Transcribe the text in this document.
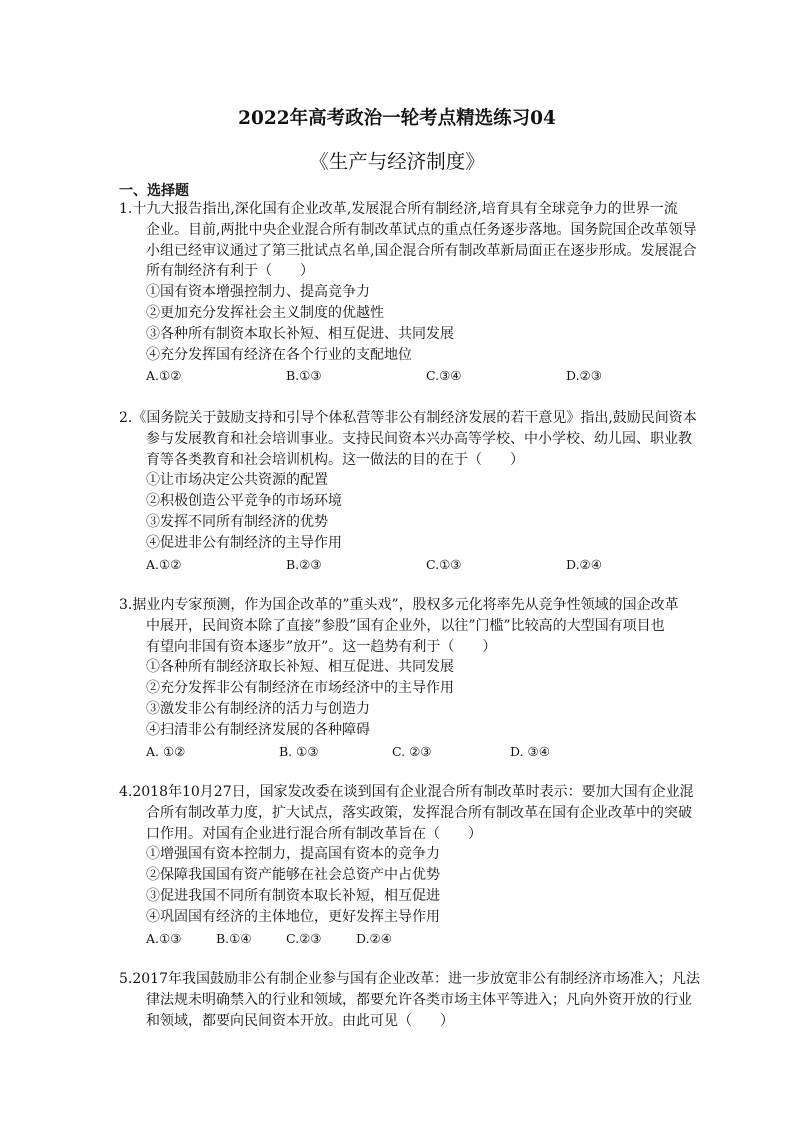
2022年高考政治一轮考点精选练习04
《生产与经济制度》
一、选择题
1.十九大报告指出,深化国有企业改革,发展混合所有制经济,培育具有全球竞争力的世界一流
企业。目前,两批中央企业混合所有制改革试点的重点任务逐步落地。国务院国企改革领导
小组已经审议通过了第三批试点名单,国企混合所有制改革新局面正在逐步形成。发展混合
所有制经济有利于（　　）
①国有资本增强控制力、提高竞争力
②更加充分发挥社会主义制度的优越性
③各种所有制资本取长补短、相互促进、共同发展
④充分发挥国有经济在各个行业的支配地位
A.①②	B.①③	C.③④	D.②③
2.《国务院关于鼓励支持和引导个体私营等非公有制经济发展的若干意见》指出,鼓励民间资本
参与发展教育和社会培训事业。支持民间资本兴办高等学校、中小学校、幼儿园、职业教
育等各类教育和社会培训机构。这一做法的目的在于（　　）
①让市场决定公共资源的配置
②积极创造公平竞争的市场环境
③发挥不同所有制经济的优势
④促进非公有制经济的主导作用
A.①②	B.②③	C.①③	D.②④
3.据业内专家预测，作为国企改革的”重头戏”，股权多元化将率先从竞争性领域的国企改革
中展开，民间资本除了直接”参股”国有企业外，以往”门槛”比较高的大型国有项目也
有望向非国有资本逐步”放开”。这一趋势有利于（　　）
①各种所有制经济取长补短、相互促进、共同发展
②充分发挥非公有制经济在市场经济中的主导作用
③激发非公有制经济的活力与创造力
④扫清非公有制经济发展的各种障碍
A. ①②	B. ①③	C. ②③	D. ③④
4.2018年10月27日，国家发改委在谈到国有企业混合所有制改革时表示：要加大国有企业混
合所有制改革力度，扩大试点，落实政策，发挥混合所有制改革在国有企业改革中的突破
口作用。对国有企业进行混合所有制改革旨在（　　）
①增强国有资本控制力，提高国有资本的竞争力
②保障我国国有资产能够在社会总资产中占优势
③促进我国不同所有制资本取长补短，相互促进
④巩固国有经济的主体地位，更好发挥主导作用
A.①③	B.①④	C.②③	D.②④
5.2017年我国鼓励非公有制企业参与国有企业改革：进一步放宽非公有制经济市场准入；凡法
律法规未明确禁入的行业和领域，都要允许各类市场主体平等进入；凡向外资开放的行业
和领域，都要向民间资本开放。由此可见（　　）
